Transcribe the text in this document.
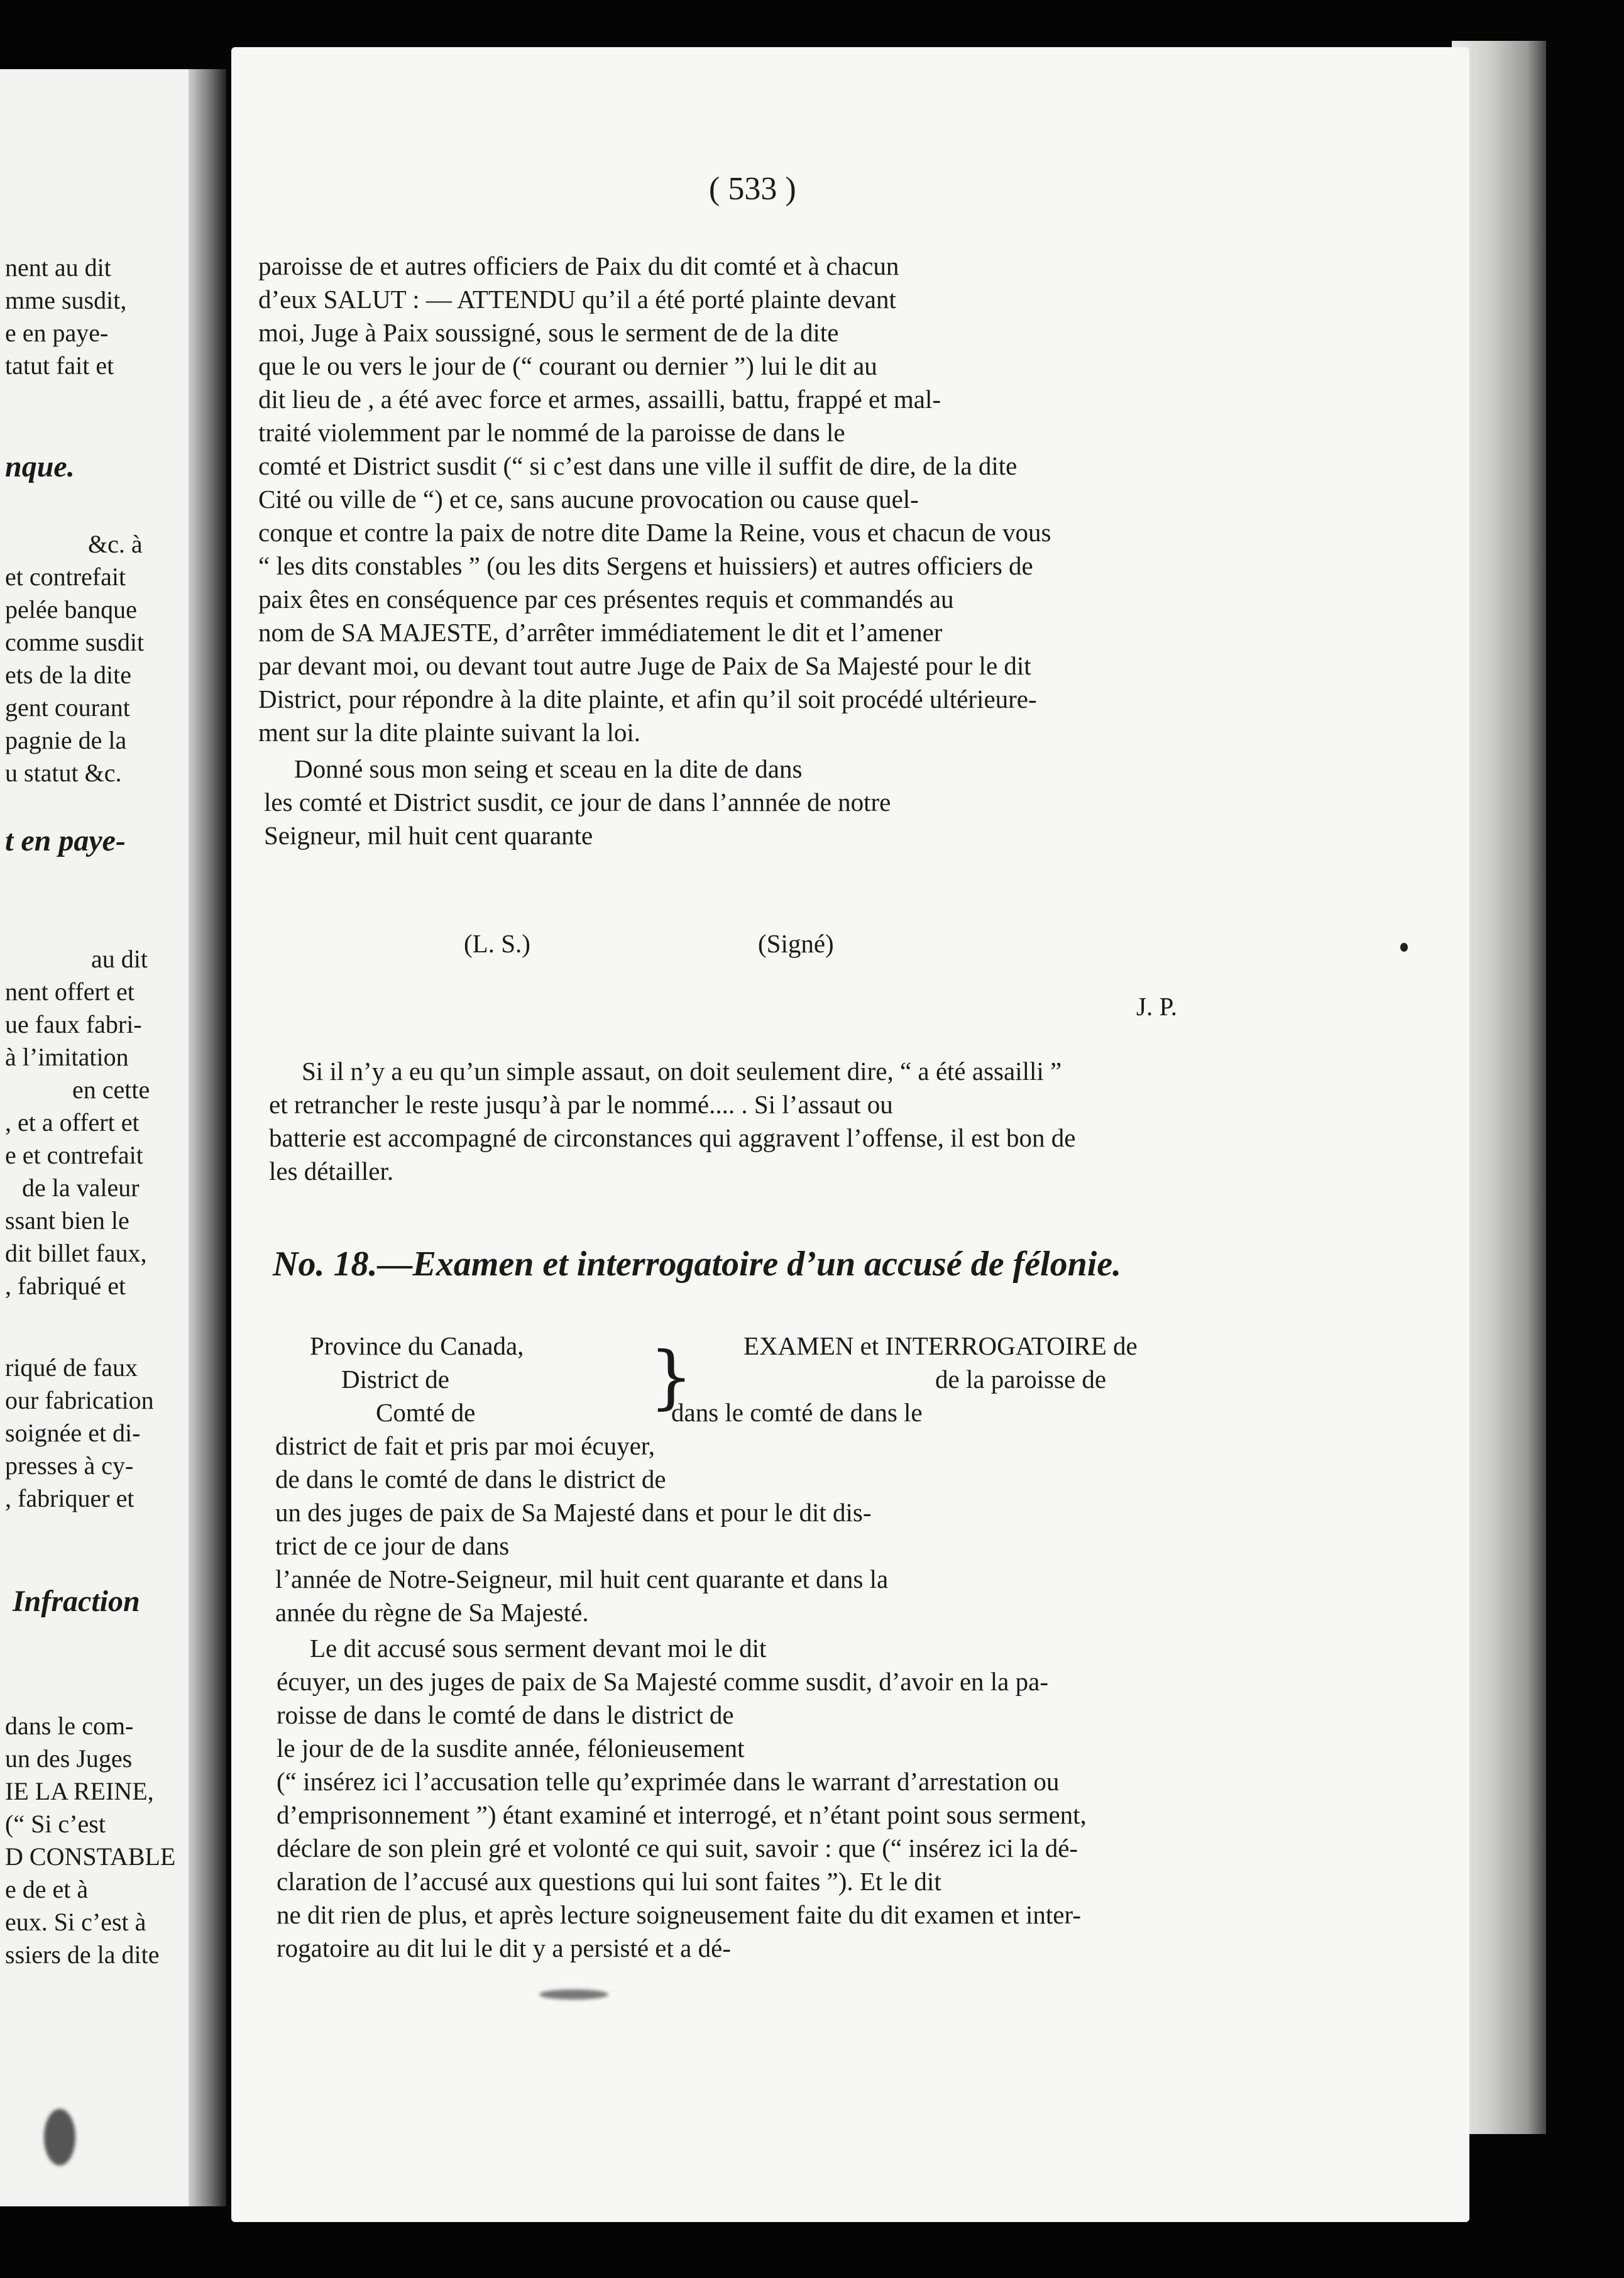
nent au dit
mme susdit,
e en paye-
tatut fait et
nque.
&c. à
et contrefait
pelée banque
comme susdit
ets de la dite
gent courant
pagnie de la
u statut &c.
t en paye-
au dit
nent offert et
ue faux fabri-
à l’imitation
en cette
, et a offert et
e et contrefait
de la valeur
ssant bien le
dit billet faux,
, fabriqué et
riqué de faux
our fabrication
soignée et di-
presses à cy-
, fabriquer et
Infraction
dans le com-
un des Juges
IE LA REINE,
(“ Si c’est
D CONSTABLE
e de et à
eux. Si c’est à
ssiers de la dite
( 533 )
paroisse de et autres officiers de Paix du dit comté et à chacun
d’eux SALUT : — ATTENDU qu’il a été porté plainte devant
moi, Juge à Paix soussigné, sous le serment de de la dite
que le ou vers le jour de (“ courant ou dernier ”) lui le dit au
dit lieu de , a été avec force et armes, assailli, battu, frappé et mal-
traité violemment par le nommé de la paroisse de dans le
comté et District susdit (“ si c’est dans une ville il suffit de dire, de la dite
Cité ou ville de “) et ce, sans aucune provocation ou cause quel-
conque et contre la paix de notre dite Dame la Reine, vous et chacun de vous
“ les dits constables ” (ou les dits Sergens et huissiers) et autres officiers de
paix êtes en conséquence par ces présentes requis et commandés au
nom de SA MAJESTE, d’arrêter immédiatement le dit et l’amener
par devant moi, ou devant tout autre Juge de Paix de Sa Majesté pour le dit
District, pour répondre à la dite plainte, et afin qu’il soit procédé ultérieure-
ment sur la dite plainte suivant la loi.
Donné sous mon seing et sceau en la dite de dans
les comté et District susdit, ce jour de dans l’annnée de notre
Seigneur, mil huit cent quarante
(L. S.)	(Signé)
J. P.
Si il n’y a eu qu’un simple assaut, on doit seulement dire, “ a été assailli ”
et retrancher le reste jusqu’à par le nommé.... . Si l’assaut ou
batterie est accompagné de circonstances qui aggravent l’offense, il est bon de
les détailler.
No. 18.—Examen et interrogatoire d’un accusé de félonie.
Province du Canada,
District de
Comté de	} EXAMEN et INTERROGATOIRE de
de la paroisse de
dans le comté de dans le
district de fait et pris par moi écuyer,
de dans le comté de dans le district de
un des juges de paix de Sa Majesté dans et pour le dit dis-
trict de ce jour de dans
l’année de Notre-Seigneur, mil huit cent quarante et dans la
année du règne de Sa Majesté.
Le dit accusé sous serment devant moi le dit
écuyer, un des juges de paix de Sa Majesté comme susdit, d’avoir en la pa-
roisse de dans le comté de dans le district de
le jour de de la susdite année, félonieusement
(“ insérez ici l’accusation telle qu’exprimée dans le warrant d’arrestation ou
d’emprisonnement ”) étant examiné et interrogé, et n’étant point sous serment,
déclare de son plein gré et volonté ce qui suit, savoir : que (“ insérez ici la dé-
claration de l’accusé aux questions qui lui sont faites ”). Et le dit
ne dit rien de plus, et après lecture soigneusement faite du dit examen et inter-
rogatoire au dit lui le dit y a persisté et a dé-
